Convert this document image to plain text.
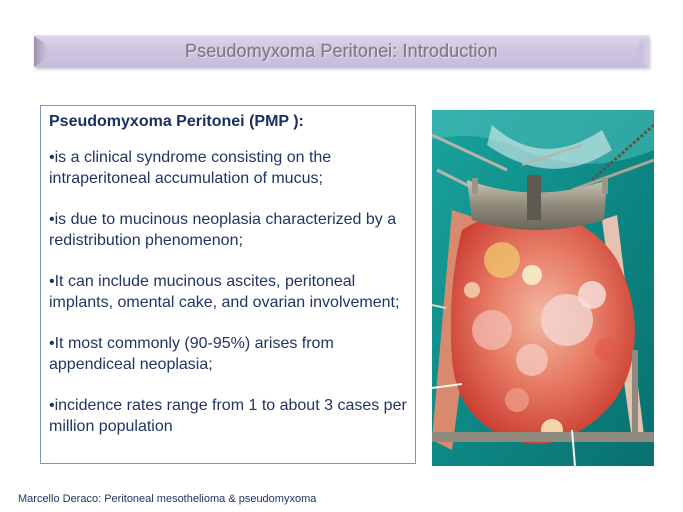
Pseudomyxoma Peritonei: Introduction
Pseudomyxoma Peritonei (PMP ):
•is a clinical syndrome consisting on the intraperitoneal accumulation of mucus;
•is due to mucinous neoplasia characterized by a redistribution phenomenon;
•It can include mucinous ascites, peritoneal implants, omental cake, and ovarian involvement;
•It most commonly (90-95%) arises from appendiceal neoplasia;
•incidence rates range from 1 to about 3 cases per million population
Marcello Deraco: Peritoneal mesothelioma & pseudomyxoma
